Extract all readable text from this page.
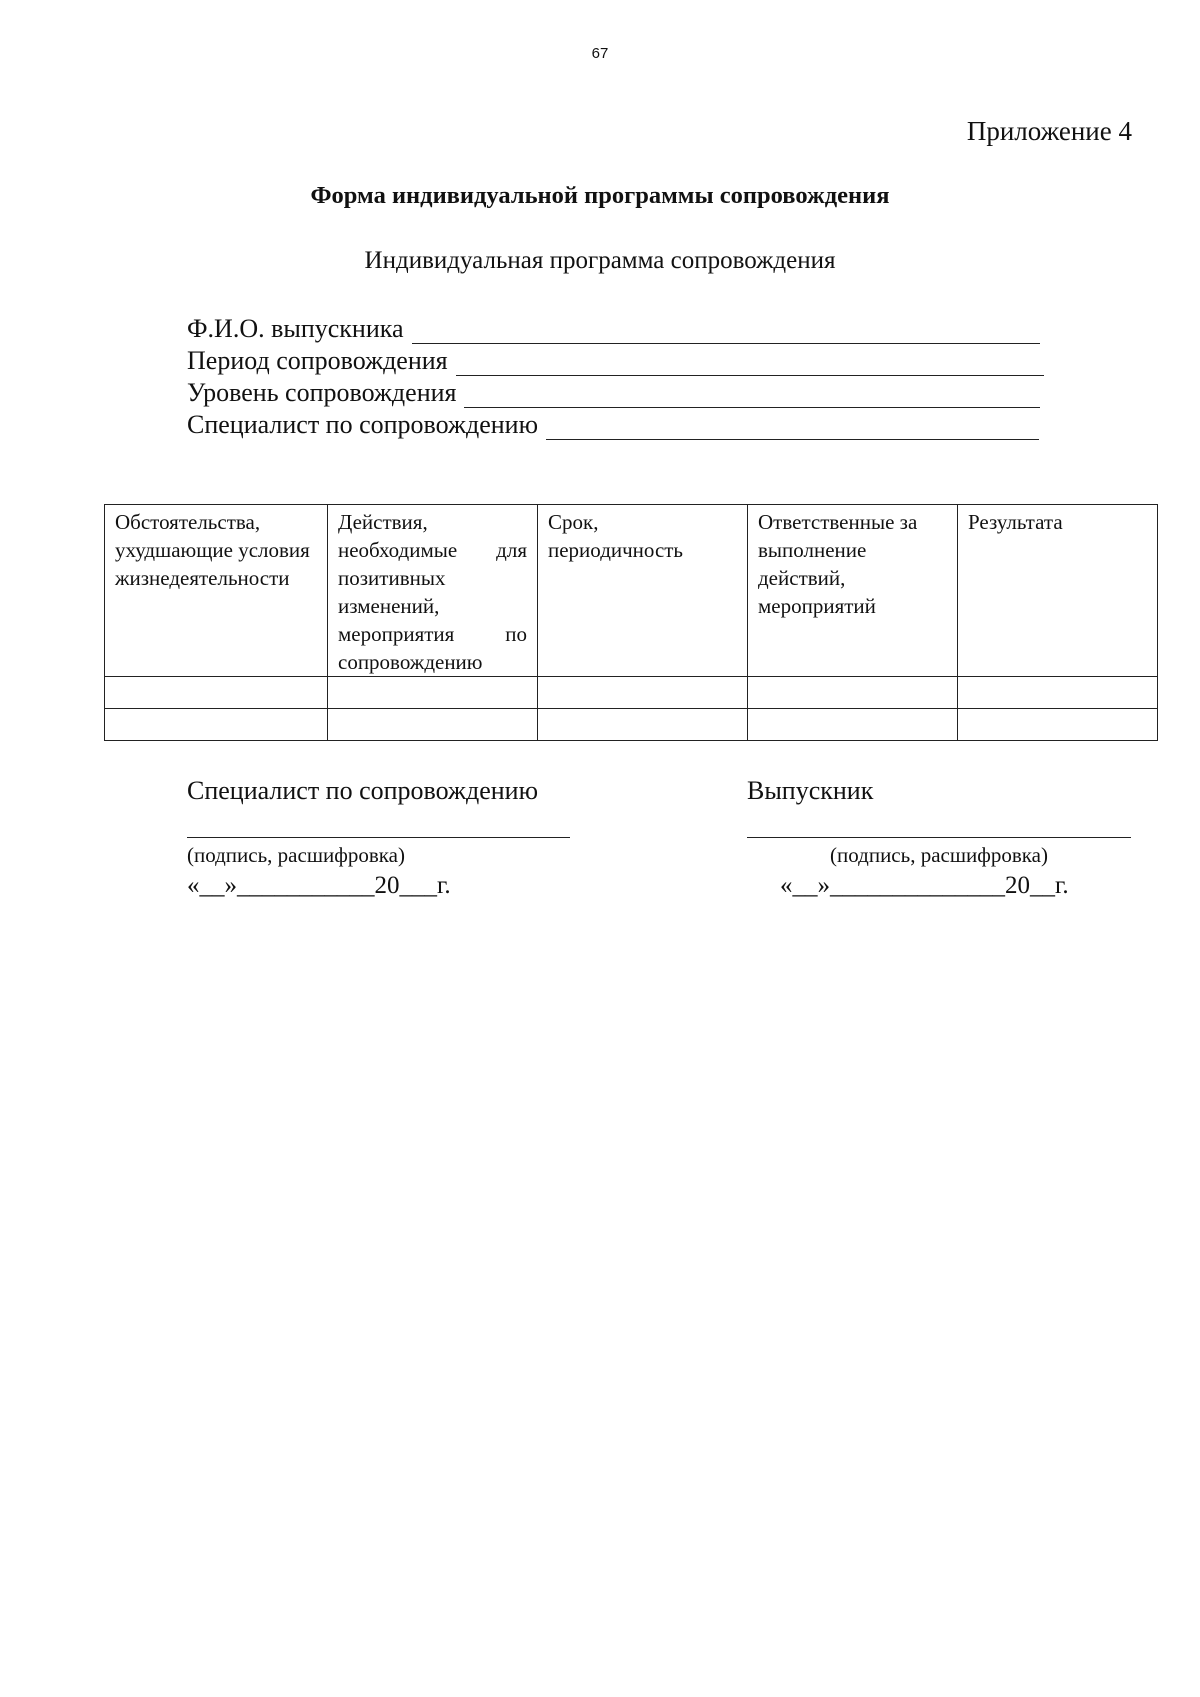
67
Приложение 4
Форма индивидуальной программы сопровождения
Индивидуальная программа сопровождения
Ф.И.О. выпускника
Период сопровождения
Уровень сопровождения
Специалист по сопровождению
Обстоятельства, ухудшающие условия жизнедеятельности	Действия, необходимые для позитивных изменений, мероприятия по сопровождению	Срок, периодичность	Ответственные за выполнение действий, мероприятий	Результата

Специалист по сопровождению
(подпись, расшифровка)
«__»___________20___г.
Выпускник
(подпись, расшифровка)
«__»______________20__г.
